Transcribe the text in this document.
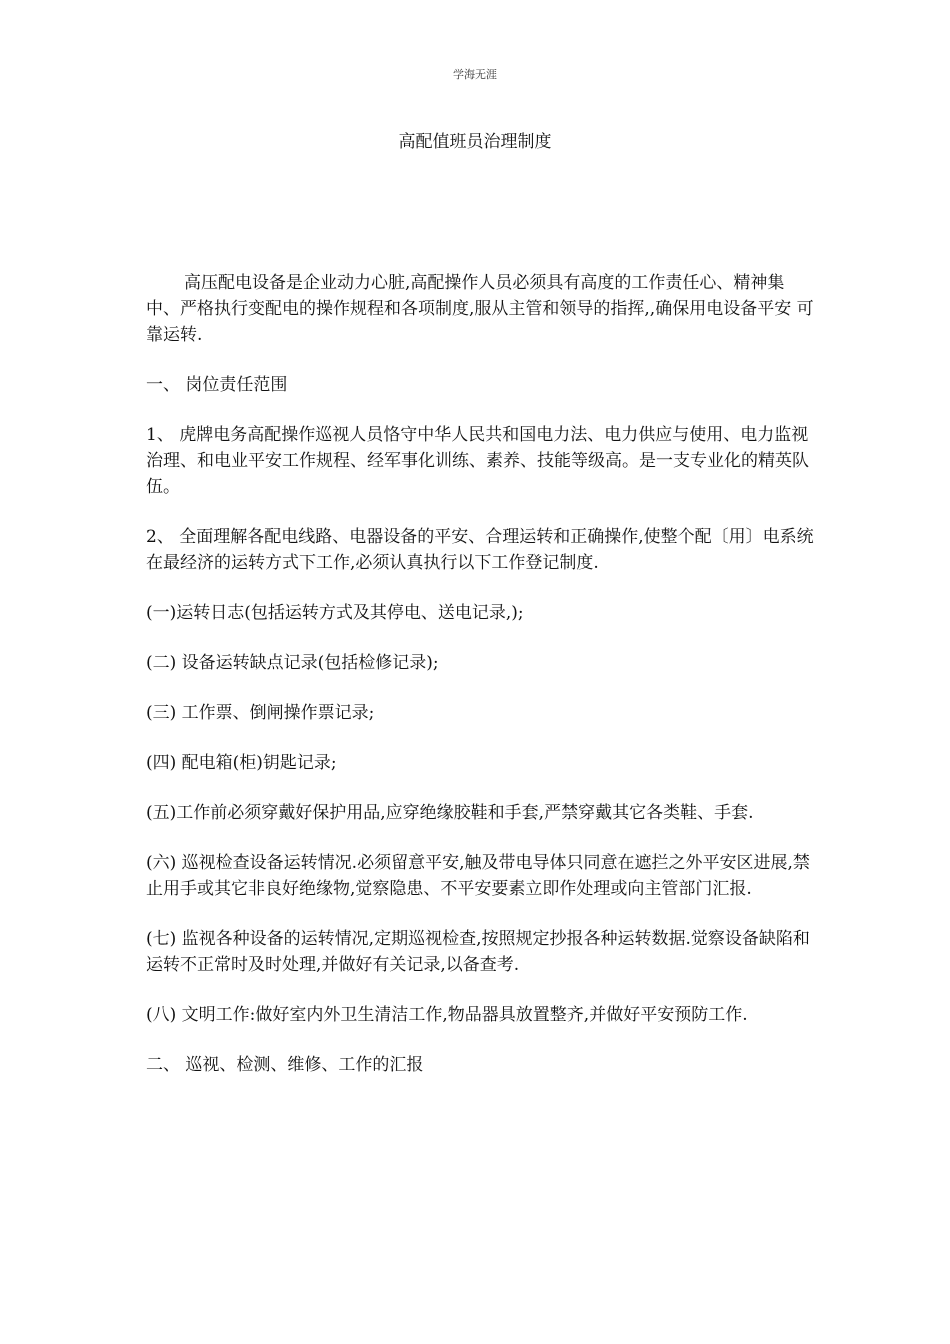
学海无涯
高配值班员治理制度

高压配电设备是企业动力心脏,高配操作人员必须具有高度的工作责任心、精神集中、严格执行变配电的操作规程和各项制度,服从主管和领导的指挥,,确保用电设备平安 可靠运转.

一、 岗位责任范围

1、 虎牌电务高配操作巡视人员恪守中华人民共和国电力法、电力供应与使用、电力监视治理、和电业平安工作规程、经军事化训练、素养、技能等级高。是一支专业化的精英队伍。

2、 全面理解各配电线路、电器设备的平安、合理运转和正确操作,使整个配〔用〕电系统在最经济的运转方式下工作,必须认真执行以下工作登记制度.

(一)运转日志(包括运转方式及其停电、送电记录,);

(二) 设备运转缺点记录(包括检修记录);

(三) 工作票、倒闸操作票记录;

(四) 配电箱(柜)钥匙记录;

(五)工作前必须穿戴好保护用品,应穿绝缘胶鞋和手套,严禁穿戴其它各类鞋、手套.

(六) 巡视检查设备运转情况.必须留意平安,触及带电导体只同意在遮拦之外平安区进展,禁止用手或其它非良好绝缘物,觉察隐患、不平安要素立即作处理或向主管部门汇报.

(七) 监视各种设备的运转情况,定期巡视检查,按照规定抄报各种运转数据.觉察设备缺陷和运转不正常时及时处理,并做好有关记录,以备查考.

(八) 文明工作:做好室内外卫生清洁工作,物品器具放置整齐,并做好平安预防工作.

二、 巡视、检测、维修、工作的汇报
